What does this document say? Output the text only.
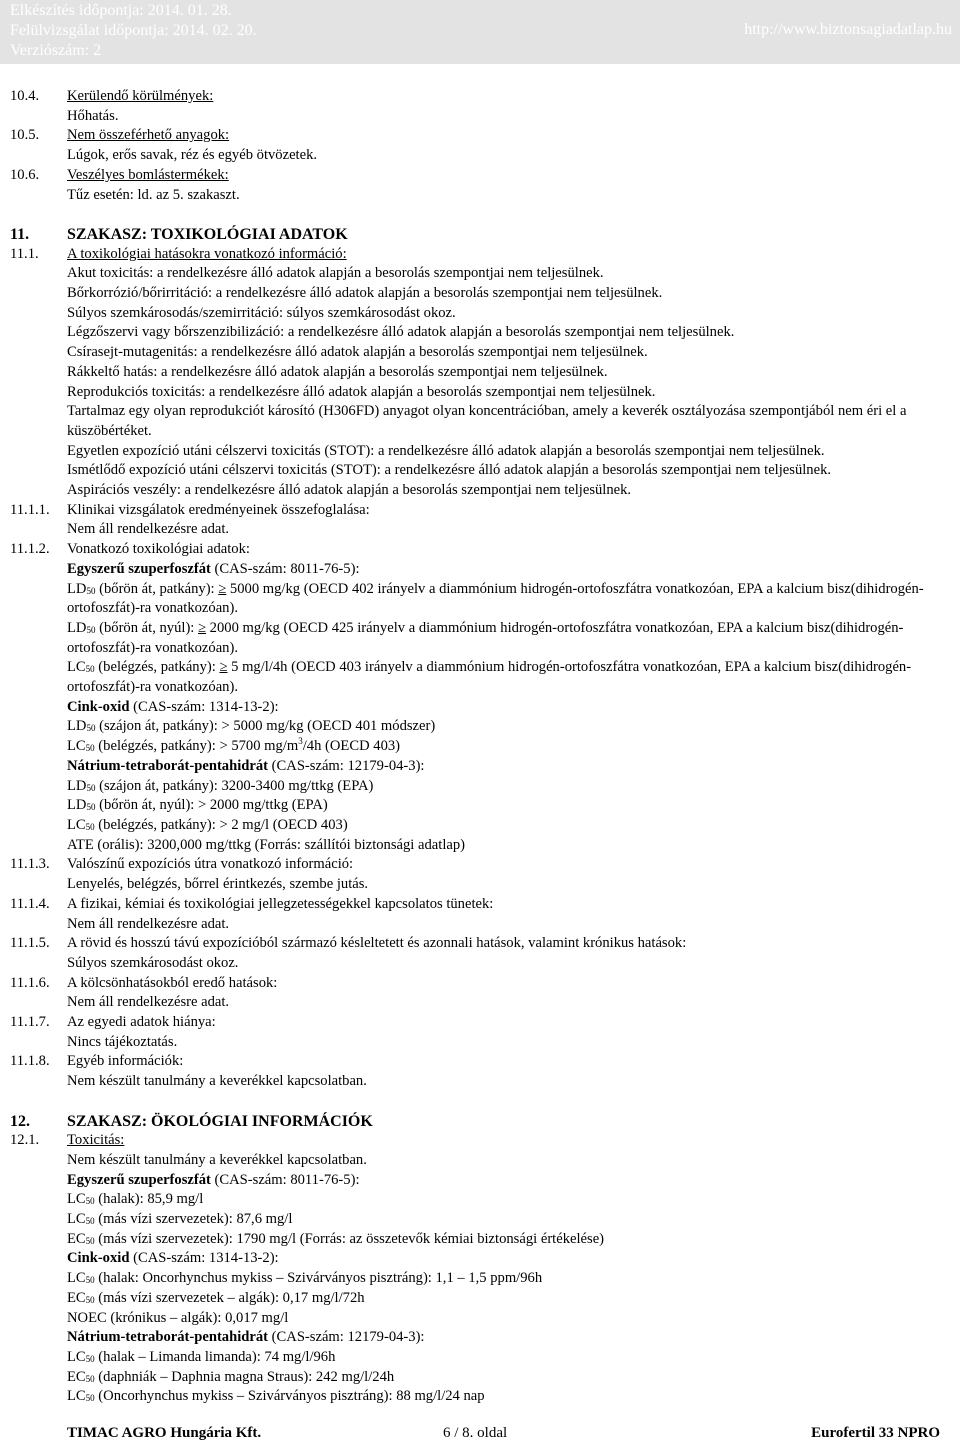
Elkészítés időpontja: 2014. 01. 28.
Felülvizsgálat időpontja: 2014. 02. 20.
Verziószám: 2
http://www.biztonsagiadatlap.hu
10.4. Kerülendő körülmények:
Hőhatás.
10.5. Nem összeférhető anyagok:
Lúgok, erős savak, réz és egyéb ötvözetek.
10.6. Veszélyes bomlástermékek:
Tűz esetén: ld. az 5. szakaszt.
11. SZAKASZ: TOXIKOLÓGIAI ADATOK
11.1. A toxikológiai hatásokra vonatkozó információ:
Akut toxicitás: a rendelkezésre álló adatok alapján a besorolás szempontjai nem teljesülnek.
Bőrkorrózió/bőrirritáció: a rendelkezésre álló adatok alapján a besorolás szempontjai nem teljesülnek.
Súlyos szemkárosodás/szemirritáció: súlyos szemkárosodást okoz.
Légzőszervi vagy bőrszenzibilizáció: a rendelkezésre álló adatok alapján a besorolás szempontjai nem teljesülnek.
Csírasejt-mutagenitás: a rendelkezésre álló adatok alapján a besorolás szempontjai nem teljesülnek.
Rákkeltő hatás: a rendelkezésre álló adatok alapján a besorolás szempontjai nem teljesülnek.
Reprodukciós toxicitás: a rendelkezésre álló adatok alapján a besorolás szempontjai nem teljesülnek.
Tartalmaz egy olyan reprodukciót károsító (H306FD) anyagot olyan koncentrációban, amely a keverék osztályozása szempontjából nem éri el a küszöbértéket.
Egyetlen expozíció utáni célszervi toxicitás (STOT): a rendelkezésre álló adatok alapján a besorolás szempontjai nem teljesülnek.
Ismétlődő expozíció utáni célszervi toxicitás (STOT): a rendelkezésre álló adatok alapján a besorolás szempontjai nem teljesülnek.
Aspirációs veszély: a rendelkezésre álló adatok alapján a besorolás szempontjai nem teljesülnek.
11.1.1. Klinikai vizsgálatok eredményeinek összefoglalása:
Nem áll rendelkezésre adat.
11.1.2. Vonatkozó toxikológiai adatok:
Egyszerű szuperfoszfát (CAS-szám: 8011-76-5):
$LD_{50}$ (bőrön át, patkány): ≥ 5000 mg/kg (OECD 402 irányelv a diammónium hidrogén-ortofoszfátra vonatkozóan, EPA a kalcium bisz(dihidrogén-ortofoszfát)-ra vonatkozóan).
$LD_{50}$ (bőrön át, nyúl): ≥ 2000 mg/kg (OECD 425 irányelv a diammónium hidrogén-ortofoszfátra vonatkozóan, EPA a kalcium bisz(dihidrogén-ortofoszfát)-ra vonatkozóan).
$LC_{50}$ (belégzés, patkány): ≥ 5 mg/l/4h (OECD 403 irányelv a diammónium hidrogén-ortofoszfátra vonatkozóan, EPA a kalcium bisz(dihidrogén-ortofoszfát)-ra vonatkozóan).
Cink-oxid (CAS-szám: 1314-13-2):
$LD_{50}$ (szájon át, patkány): > 5000 mg/kg (OECD 401 módszer)
$LC_{50}$ (belégzés, patkány): > 5700 $mg/m^3/4h$ (OECD 403)
Nátrium-tetraborát-pentahidrát (CAS-szám: 12179-04-3):
$LD_{50}$ (szájon át, patkány): 3200-3400 mg/ttkg (EPA)
$LD_{50}$ (bőrön át, nyúl): > 2000 mg/ttkg (EPA)
$LC_{50}$ (belégzés, patkány): > 2 mg/l (OECD 403)
ATE (orális): 3200,000 mg/ttkg (Forrás: szállítói biztonsági adatlap)
11.1.3. Valószínű expozíciós útra vonatkozó információ:
Lenyelés, belégzés, bőrrel érintkezés, szembe jutás.
11.1.4. A fizikai, kémiai és toxikológiai jellegzetességekkel kapcsolatos tünetek:
Nem áll rendelkezésre adat.
11.1.5. A rövid és hosszú távú expozícióból származó késleltetett és azonnali hatások, valamint krónikus hatások:
Súlyos szemkárosodást okoz.
11.1.6. A kölcsönhatásokból eredő hatások:
Nem áll rendelkezésre adat.
11.1.7. Az egyedi adatok hiánya:
Nincs tájékoztatás.
11.1.8. Egyéb információk:
Nem készült tanulmány a keverékkel kapcsolatban.
12. SZAKASZ: ÖKOLÓGIAI INFORMÁCIÓK
12.1. Toxicitás:
Nem készült tanulmány a keverékkel kapcsolatban.
Egyszerű szuperfoszfát (CAS-szám: 8011-76-5):
$LC_{50}$ (halak): 85,9 mg/l
$LC_{50}$ (más vízi szervezetek): 87,6 mg/l
$EC_{50}$ (más vízi szervezetek): 1790 mg/l (Forrás: az összetevők kémiai biztonsági értékelése)
Cink-oxid (CAS-szám: 1314-13-2):
$LC_{50}$ (halak: Oncorhynchus mykiss – Szivárványos pisztráng): 1,1 – 1,5 ppm/96h
$EC_{50}$ (más vízi szervezetek – algák): 0,17 mg/l/72h
NOEC (krónikus – algák): 0,017 mg/l
Nátrium-tetraborát-pentahidrát (CAS-szám: 12179-04-3):
$LC_{50}$ (halak – Limanda limanda): 74 mg/l/96h
$EC_{50}$ (daphniák – Daphnia magna Straus): 242 mg/l/24h
$LC_{50}$ (Oncorhynchus mykiss – Szivárványos pisztráng): 88 mg/l/24 nap
TIMAC AGRO Hungária Kft.	6 / 8. oldal	Eurofertil 33 NPRO
